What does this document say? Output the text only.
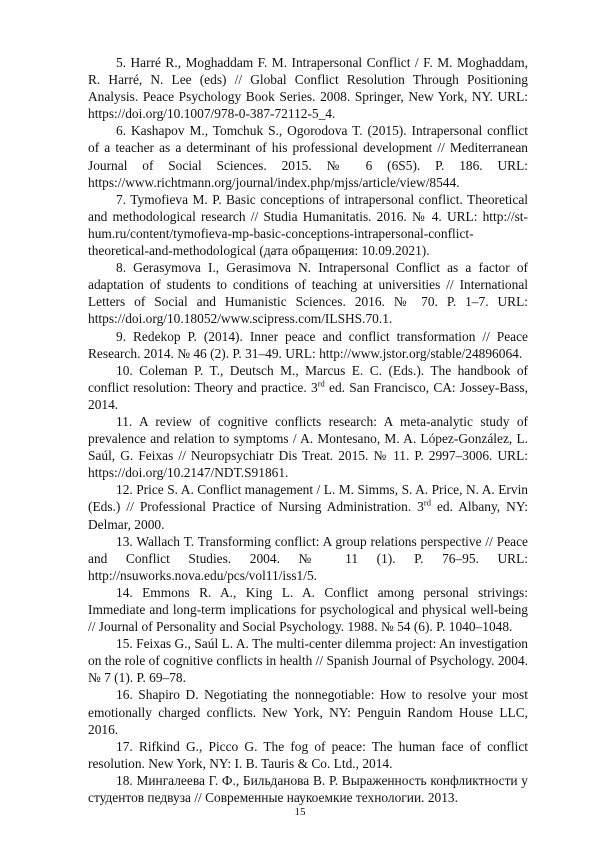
5. Harré R., Moghaddam F. M. Intrapersonal Conflict / F. M. Moghaddam, R. Harré, N. Lee (eds) // Global Conflict Resolution Through Positioning Analysis. Peace Psychology Book Series. 2008. Springer, New York, NY. URL: https://doi.org/10.1007/978-0-387-72112-5_4.

6. Kashapov M., Tomchuk S., Ogorodova T. (2015). Intrapersonal conflict of a teacher as a determinant of his professional development // Mediterranean Journal of Social Sciences. 2015. № 6 (6S5). P. 186. URL: https://www.richtmann.org/journal/index.php/mjss/article/view/8544.

7. Tymofieva M. P. Basic conceptions of intrapersonal conflict. Theoretical and methodological research // Studia Humanitatis. 2016. № 4. URL: http://st-hum.ru/content/tymofieva-mp-basic-conceptions-intrapersonal-conflict-theoretical-and-methodological (дата обращения: 10.09.2021).

8. Gerasymova I., Gerasimova N. Intrapersonal Conflict as a factor of adaptation of students to conditions of teaching at universities // International Letters of Social and Humanistic Sciences. 2016. № 70. P. 1–7. URL: https://doi.org/10.18052/www.scipress.com/ILSHS.70.1.

9. Redekop P. (2014). Inner peace and conflict transformation // Peace Research. 2014. № 46 (2). P. 31–49. URL: http://www.jstor.org/stable/24896064.

10. Coleman P. T., Deutsch M., Marcus E. C. (Eds.). The handbook of conflict resolution: Theory and practice. 3rd ed. San Francisco, CA: Jossey-Bass, 2014.

11. A review of cognitive conflicts research: A meta-analytic study of prevalence and relation to symptoms / A. Montesano, M. A. López-González, L. Saúl, G. Feixas // Neuropsychiatr Dis Treat. 2015. № 11. P. 2997–3006. URL: https://doi.org/10.2147/NDT.S91861.

12. Price S. A. Conflict management / L. M. Simms, S. A. Price, N. A. Ervin (Eds.) // Professional Practice of Nursing Administration. 3rd ed. Albany, NY: Delmar, 2000.

13. Wallach T. Transforming conflict: A group relations perspective // Peace and Conflict Studies. 2004. № 11 (1). P. 76–95. URL: http://nsuworks.nova.edu/pcs/vol11/iss1/5.

14. Emmons R. A., King L. A. Conflict among personal strivings: Immediate and long-term implications for psychological and physical well-being // Journal of Personality and Social Psychology. 1988. № 54 (6). P. 1040–1048.

15. Feixas G., Saúl L. A. The multi-center dilemma project: An investigation on the role of cognitive conflicts in health // Spanish Journal of Psychology. 2004. № 7 (1). P. 69–78.

16. Shapiro D. Negotiating the nonnegotiable: How to resolve your most emotionally charged conflicts. New York, NY: Penguin Random House LLC, 2016.

17. Rifkind G., Picco G. The fog of peace: The human face of conflict resolution. New York, NY: I. B. Tauris & Co. Ltd., 2014.

18. Мингалеева Г. Ф., Бильданова В. Р. Выраженность конфликтности у студентов педвуза // Современные наукоемкие технологии. 2013.

15
